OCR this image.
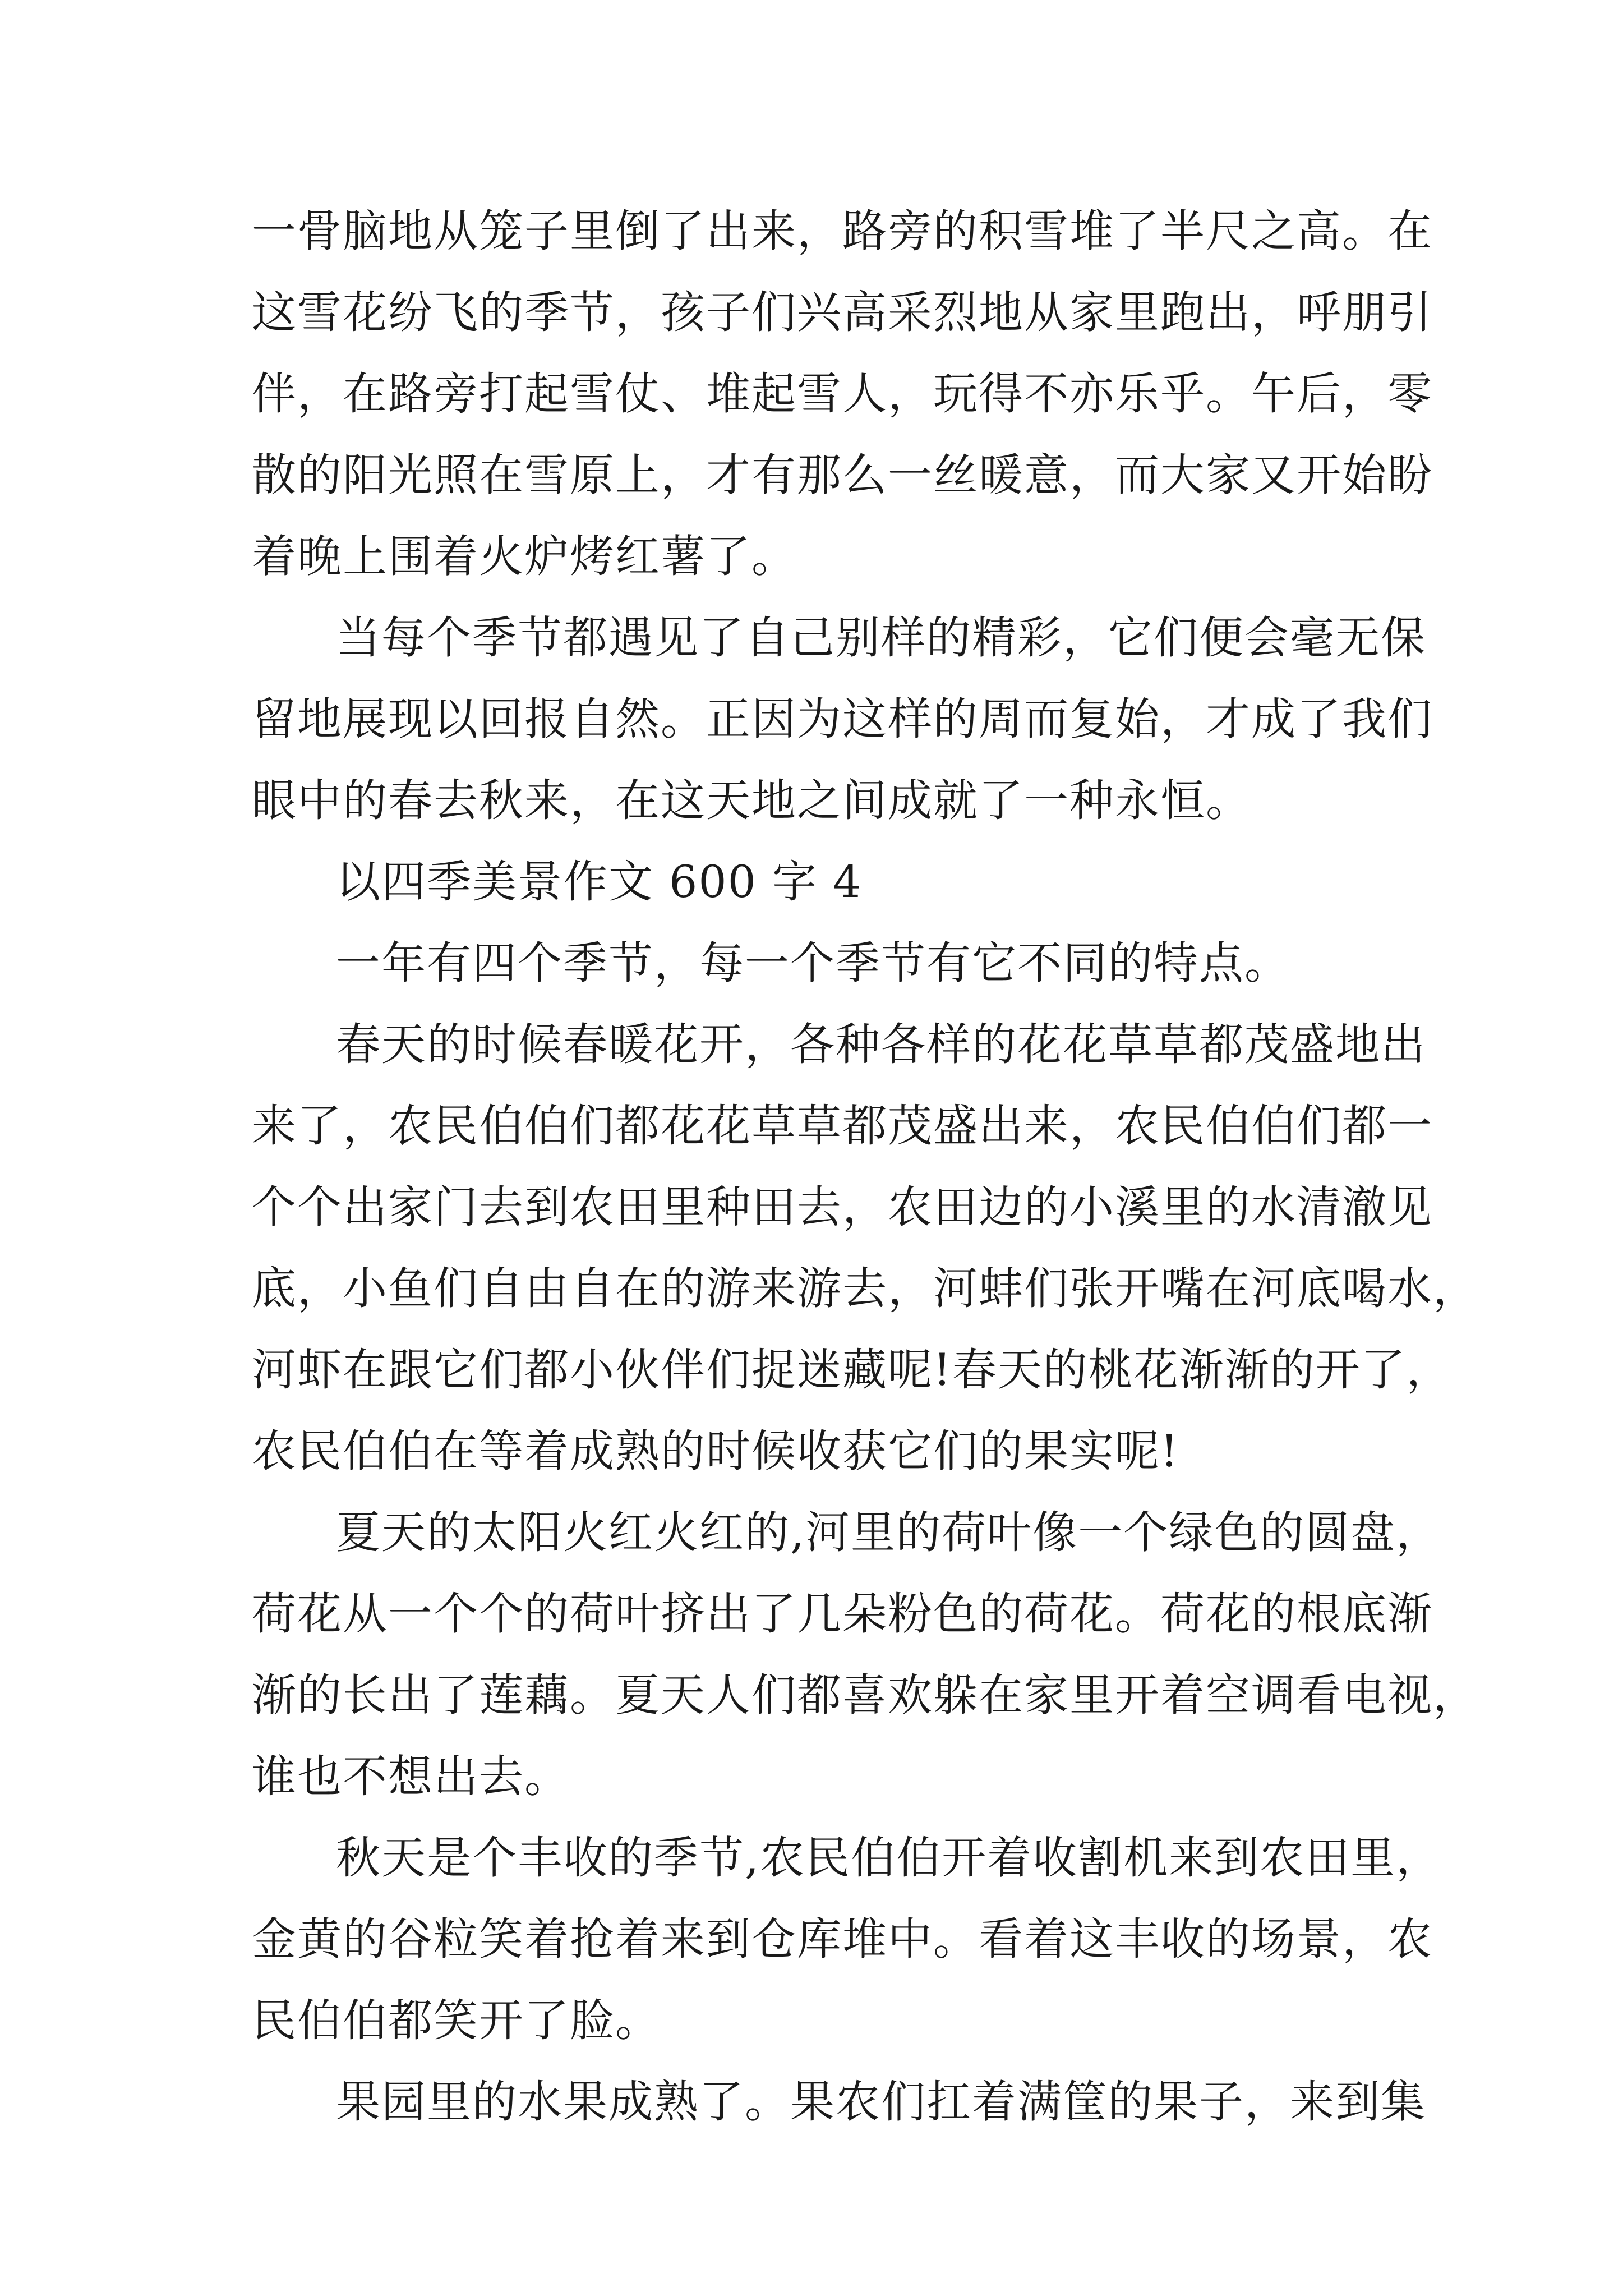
一骨脑地从笼子里倒了出来，路旁的积雪堆了半尺之高。在
这雪花纷飞的季节，孩子们兴高采烈地从家里跑出，呼朋引
伴，在路旁打起雪仗、堆起雪人，玩得不亦乐乎。午后，零
散的阳光照在雪原上，才有那么一丝暖意，而大家又开始盼
着晚上围着火炉烤红薯了。
当每个季节都遇见了自己别样的精彩，它们便会毫无保
留地展现以回报自然。正因为这样的周而复始，才成了我们
眼中的春去秋来，在这天地之间成就了一种永恒。
以四季美景作文 600 字 4
一年有四个季节，每一个季节有它不同的特点。
春天的时候春暖花开，各种各样的花花草草都茂盛地出
来了，农民伯伯们都花花草草都茂盛出来，农民伯伯们都一
个个出家门去到农田里种田去，农田边的小溪里的水清澈见
底，小鱼们自由自在的游来游去，河蚌们张开嘴在河底喝水，
河虾在跟它们都小伙伴们捉迷藏呢!春天的桃花渐渐的开了，
农民伯伯在等着成熟的时候收获它们的果实呢!
夏天的太阳火红火红的,河里的荷叶像一个绿色的圆盘，
荷花从一个个的荷叶挤出了几朵粉色的荷花。荷花的根底渐
渐的长出了莲藕。夏天人们都喜欢躲在家里开着空调看电视，
谁也不想出去。
秋天是个丰收的季节,农民伯伯开着收割机来到农田里，
金黄的谷粒笑着抢着来到仓库堆中。看着这丰收的场景，农
民伯伯都笑开了脸。
果园里的水果成熟了。果农们扛着满筐的果子，来到集
